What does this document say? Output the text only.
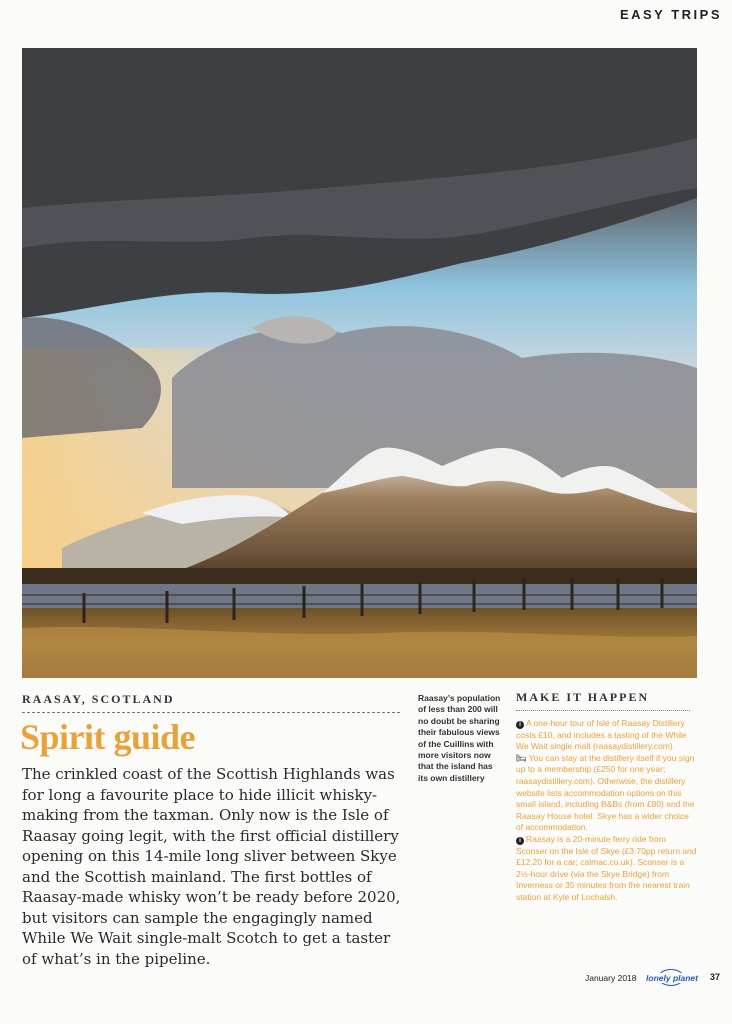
EASY TRIPS
RAASAY, SCOTLAND
Spirit guide

The crinkled coast of the Scottish Highlands was for long a favourite place to hide illicit whisky-making from the taxman. Only now is the Isle of Raasay going legit, with the first official distillery opening on this 14-mile long sliver between Skye and the Scottish mainland. The first bottles of Raasay-made whisky won’t be ready before 2020, but visitors can sample the engagingly named While We Wait single-malt Scotch to get a taster of what’s in the pipeline.

Raasay’s population of less than 200 will no doubt be sharing their fabulous views of the Cuillins with more visitors now that the island has its own distillery

MAKE IT HAPPEN

i A one-hour tour of Isle of Raasay Distillery costs £10, and includes a tasting of the While We Wait single malt (raasaydistillery.com).

🛏 You can stay at the distillery itself if you sign up to a membership (£250 for one year; raasaydistillery.com). Otherwise, the distillery website lists accommodation options on this small island, including B&Bs (from £80) and the Raasay House hotel. Skye has a wider choice of accommodation.

i Raasay is a 20-minute ferry ride from Sconser on the Isle of Skye (£3.70pp return and £12.20 for a car; calmac.co.uk). Sconser is a 2½-hour drive (via the Skye Bridge) from Inverness or 35 minutes from the nearest train station at Kyle of Lochalsh.

January 2018 lonely planet 37
